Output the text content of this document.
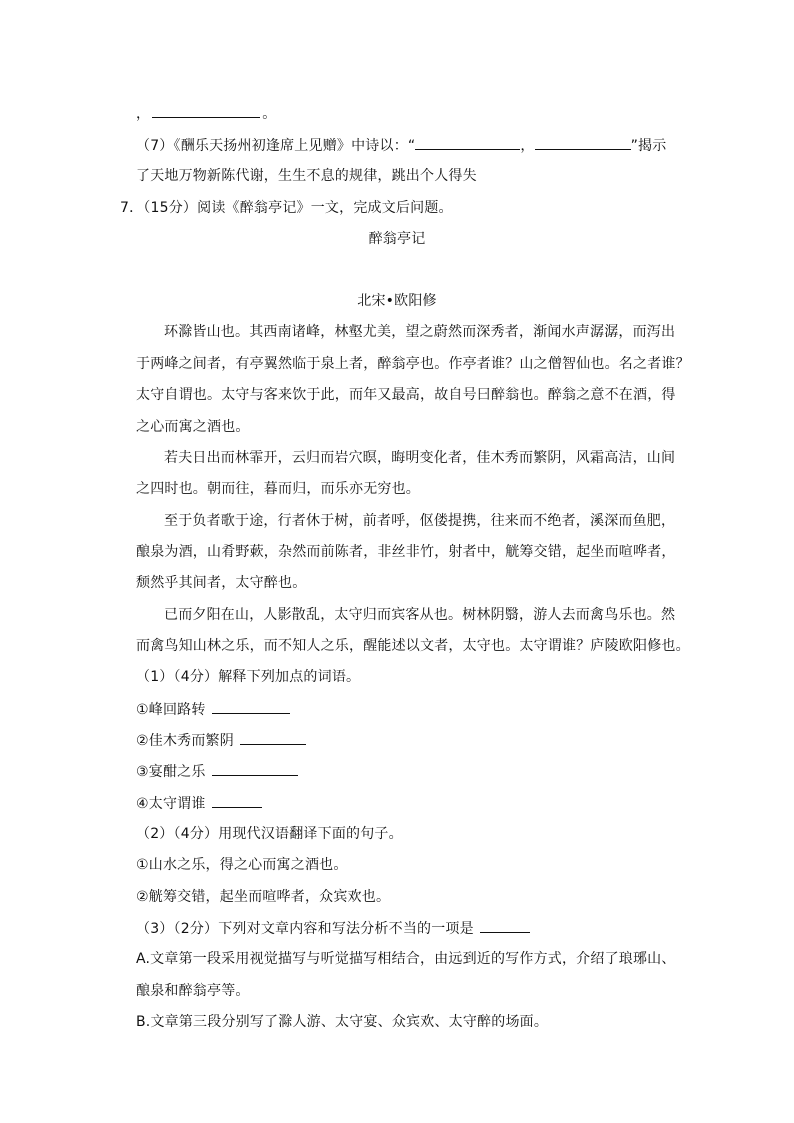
，	。
（7）《酬乐天扬州初逢席上见赠》中诗以：“	，	”揭示
了天地万物新陈代谢，生生不息的规律，跳出个人得失
7．（15分）阅读《醉翁亭记》一文，完成文后问题。
醉翁亭记
北宋•欧阳修
环滁皆山也。其西南诸峰，林壑尤美，望之蔚然而深秀者，渐闻水声潺潺，而泻出
于两峰之间者，有亭翼然临于泉上者，醉翁亭也。作亭者谁？山之僧智仙也。名之者谁？
太守自谓也。太守与客来饮于此，而年又最高，故自号曰醉翁也。醉翁之意不在酒，得
之心而寓之酒也。
若夫日出而林霏开，云归而岩穴暝，晦明变化者，佳木秀而繁阴，风霜高洁，山间
之四时也。朝而往，暮而归，而乐亦无穷也。
至于负者歌于途，行者休于树，前者呼，伛偻提携，往来而不绝者，溪深而鱼肥，
酿泉为酒，山肴野蔌，杂然而前陈者，非丝非竹，射者中，觥筹交错，起坐而喧哗者，
颓然乎其间者，太守醉也。
已而夕阳在山，人影散乱，太守归而宾客从也。树林阴翳，游人去而禽鸟乐也。然
而禽鸟知山林之乐，而不知人之乐，醒能述以文者，太守也。太守谓谁？庐陵欧阳修也。
（1）（4分）解释下列加点的词语。
①峰回路转
②佳木秀而繁阴
③宴酣之乐
④太守谓谁
（2）（4分）用现代汉语翻译下面的句子。
①山水之乐，得之心而寓之酒也。
②觥筹交错，起坐而喧哗者，众宾欢也。
（3）（2分）下列对文章内容和写法分析不当的一项是
A.文章第一段采用视觉描写与听觉描写相结合，由远到近的写作方式，介绍了琅琊山、
酿泉和醉翁亭等。
B.文章第三段分别写了滁人游、太守宴、众宾欢、太守醉的场面。
